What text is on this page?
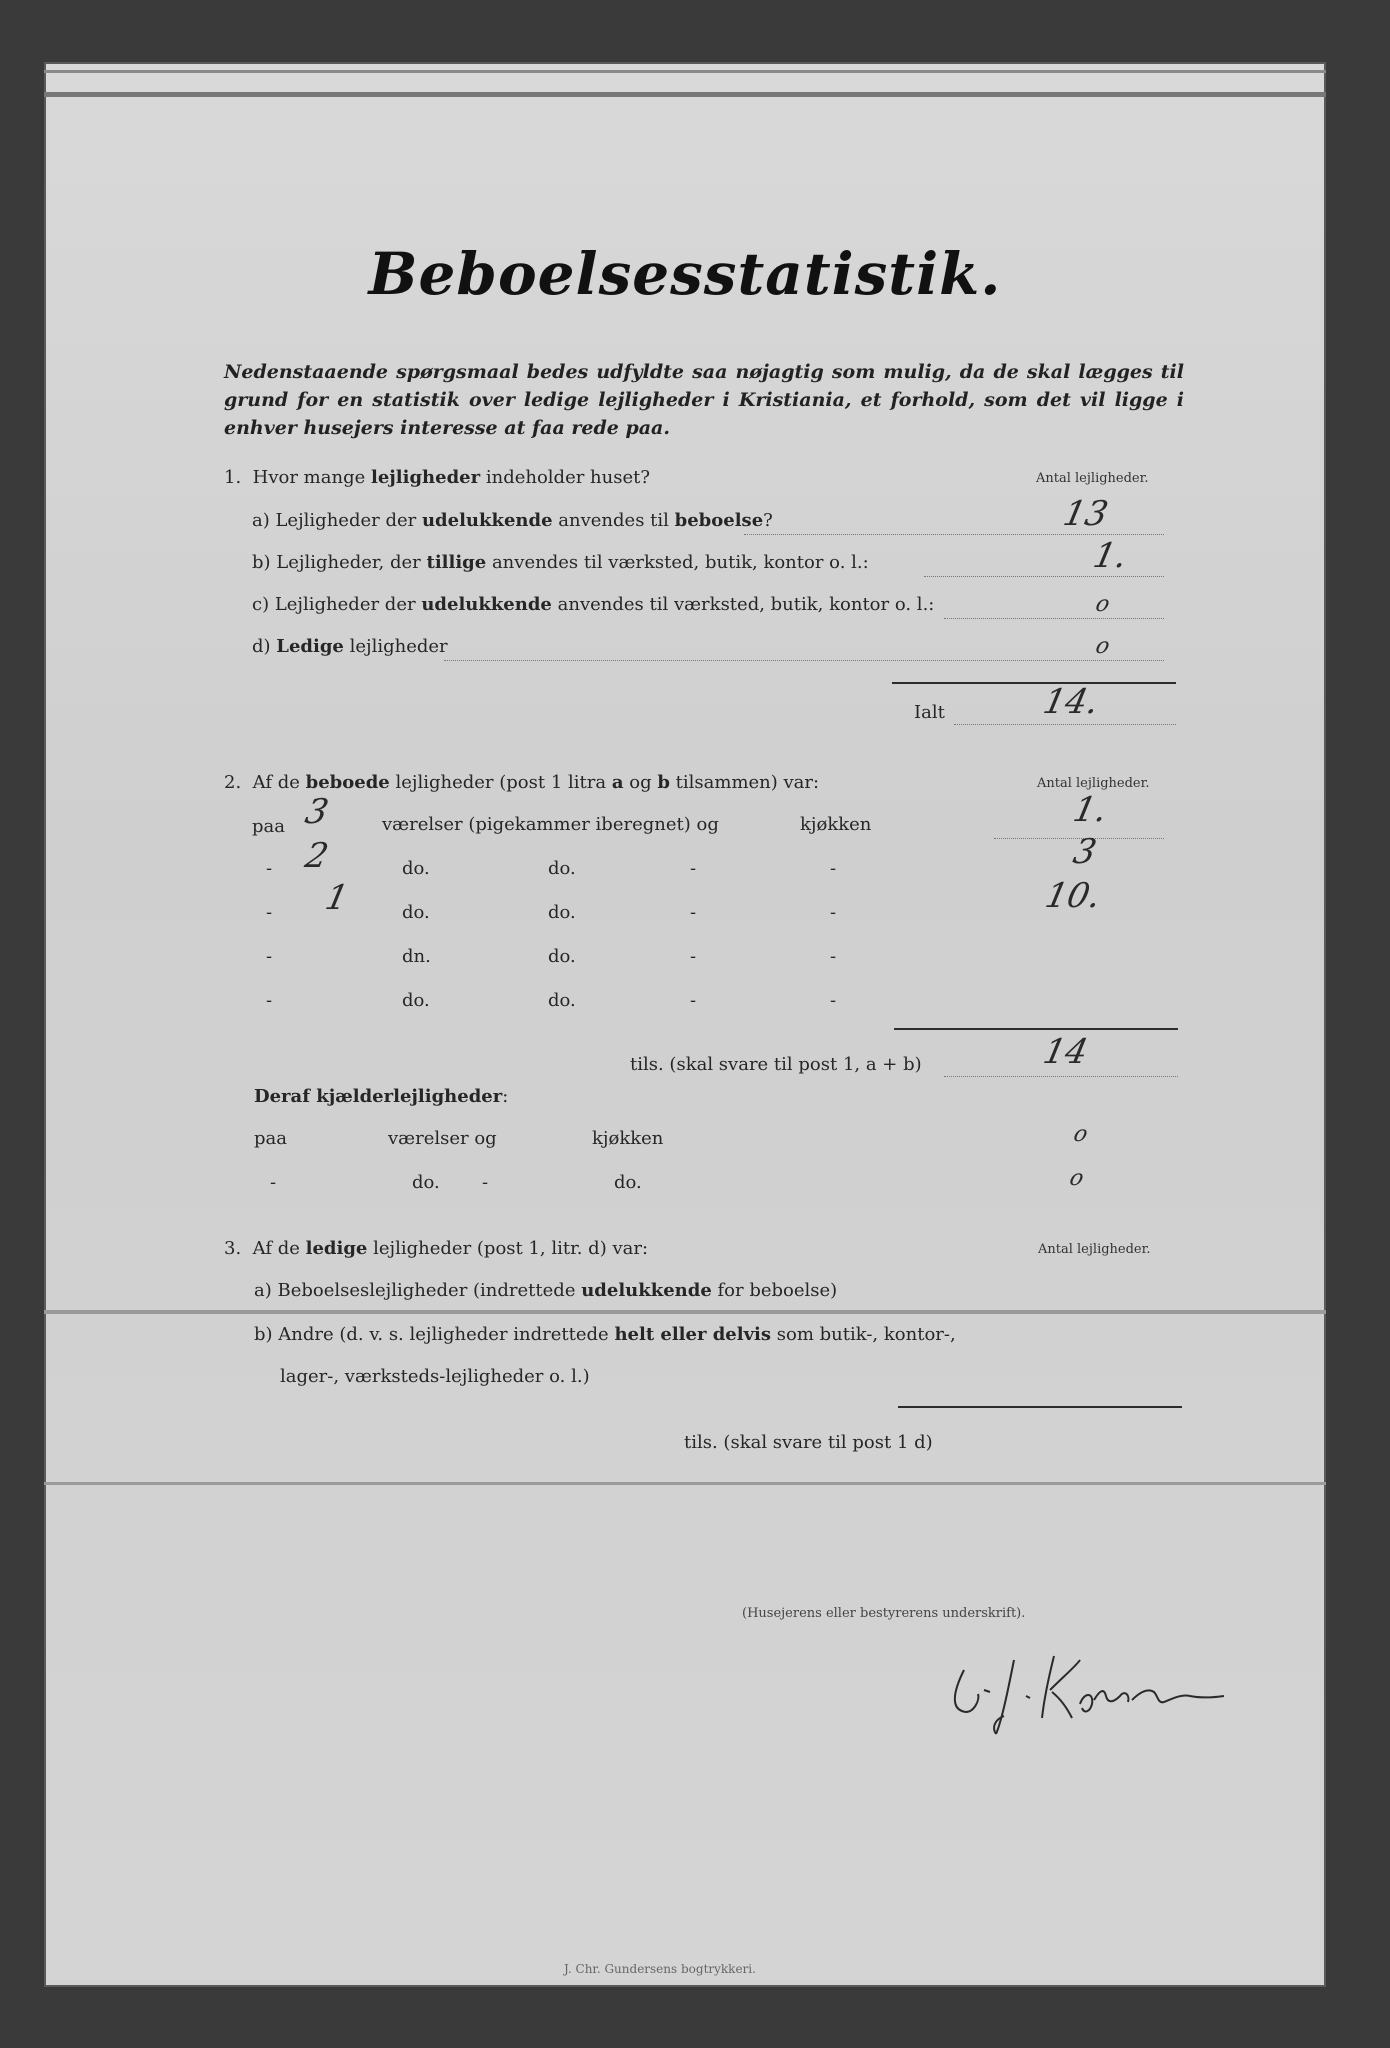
Beboelsesstatistik.
Nedenstaaende spørgsmaal bedes udfyldte saa nøjagtig som mulig, da de skal lægges til grund for en statistik over ledige lejligheder i Kristiania, et forhold, som det vil ligge i enhver husejers interesse at faa rede paa.
1. Hvor mange lejligheder indeholder huset?	Antal lejligheder.
a) Lejligheder der udelukkende anvendes til beboelse?	13
b) Lejligheder, der tillige anvendes til værksted, butik, kontor o. l.:	1.
c) Lejligheder der udelukkende anvendes til værksted, butik, kontor o. l.:	o
d) Ledige lejligheder	o
Ialt	14.
2. Af de beboede lejligheder (post 1 litra a og b tilsammen) var:	Antal lejligheder.
paa 3	værelser (pigekammer iberegnet) og	kjøkken	1.
- 2	do.	do.	-	-	3
- 1	do.	do.	-	-	10.
-	dn.	do.	-	-
-	do.	do.	-	-
tils. (skal svare til post 1, a + b)	14
Deraf kjælderlejligheder:
paa	værelser og	kjøkken	o
-	do. -	do.	o
3. Af de ledige lejligheder (post 1, litr. d) var:	Antal lejligheder.
a) Beboelseslejligheder (indrettede udelukkende for beboelse)
b) Andre (d. v. s. lejligheder indrettede helt eller delvis som butik-, kontor-,
lager-, værksteds-lejligheder o. l.)
tils. (skal svare til post 1 d)
(Husejerens eller bestyrerens underskrift).
J. Chr. Gundersens bogtrykkeri.
